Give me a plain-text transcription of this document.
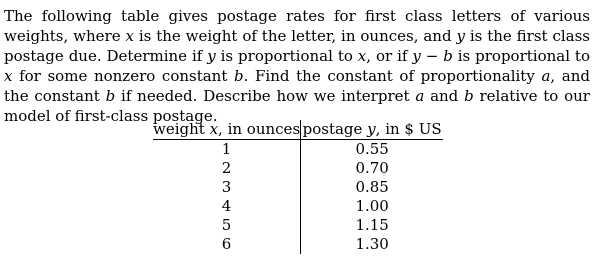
The following table gives postage rates for first class letters of various weights, where x is the weight of the letter, in ounces, and y is the first class postage due. Determine if y is proportional to x, or if y − b is proportional to x for some nonzero constant b. Find the constant of proportionality a, and the constant b if needed. Describe how we interpret a and b relative to our model of first-class postage.

weight x, in ounces	postage y, in $ US
1	0.55
2	0.70
3	0.85
4	1.00
5	1.15
6	1.30
